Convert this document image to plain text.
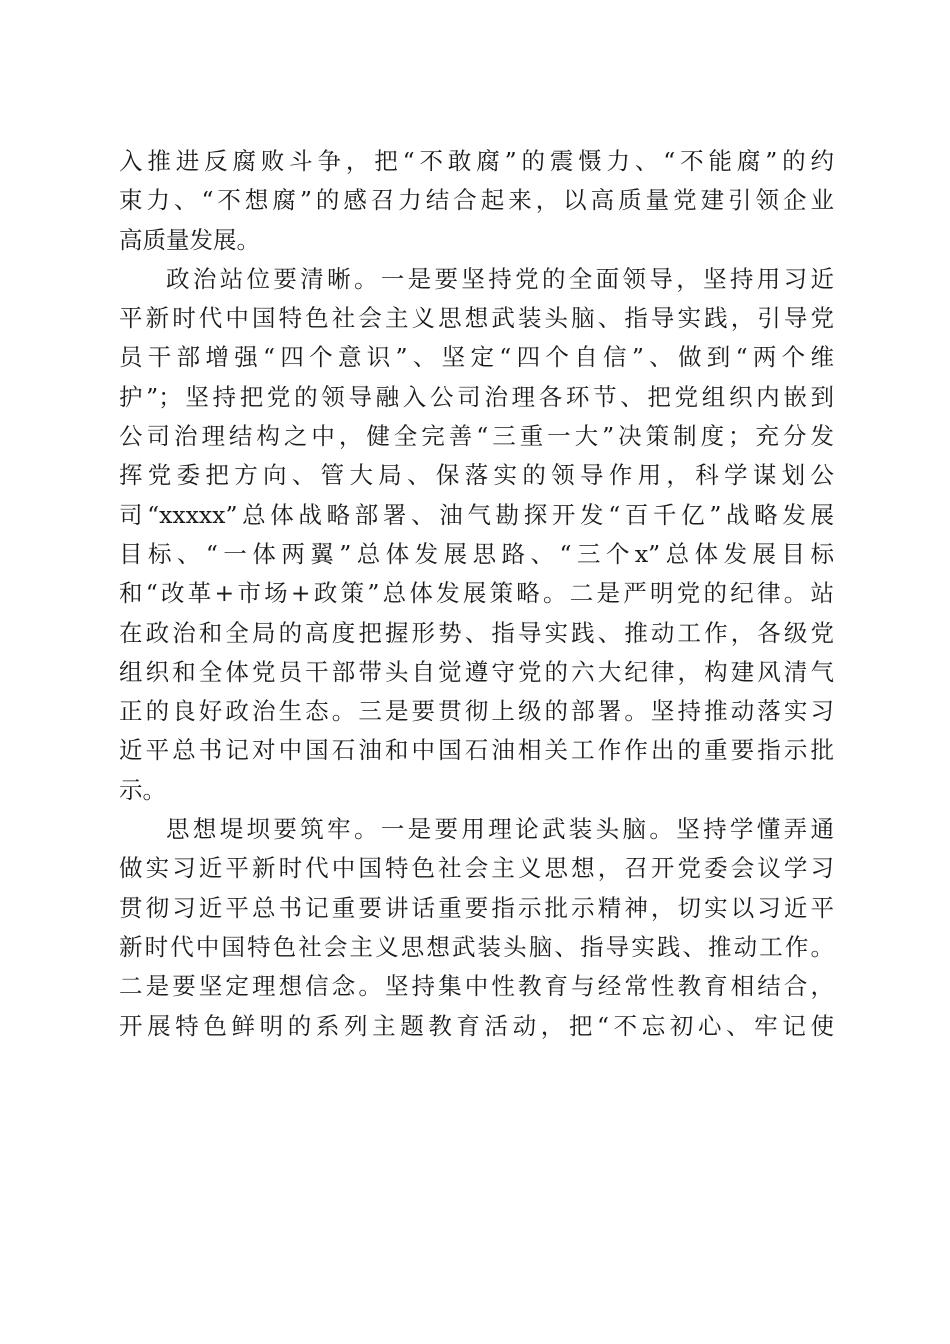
入推进反腐败斗争，把“不敢腐”的震慑力、“不能腐”的约
束力、“不想腐”的感召力结合起来，以高质量党建引领企业
高质量发展。
政治站位要清晰。一是要坚持党的全面领导，坚持用习近
平新时代中国特色社会主义思想武装头脑、指导实践，引导党
员干部增强“四个意识”、坚定“四个自信”、做到“两个维
护”；坚持把党的领导融入公司治理各环节、把党组织内嵌到
公司治理结构之中，健全完善“三重一大”决策制度；充分发
挥党委把方向、管大局、保落实的领导作用，科学谋划公
司“xxxxx”总体战略部署、油气勘探开发“百千亿”战略发展
目标、“一体两翼”总体发展思路、“三个x”总体发展目标
和“改革+市场+政策”总体发展策略。二是严明党的纪律。站
在政治和全局的高度把握形势、指导实践、推动工作，各级党
组织和全体党员干部带头自觉遵守党的六大纪律，构建风清气
正的良好政治生态。三是要贯彻上级的部署。坚持推动落实习
近平总书记对中国石油和中国石油相关工作作出的重要指示批
示。
思想堤坝要筑牢。一是要用理论武装头脑。坚持学懂弄通
做实习近平新时代中国特色社会主义思想，召开党委会议学习
贯彻习近平总书记重要讲话重要指示批示精神，切实以习近平
新时代中国特色社会主义思想武装头脑、指导实践、推动工作。
二是要坚定理想信念。坚持集中性教育与经常性教育相结合，
开展特色鲜明的系列主题教育活动，把“不忘初心、牢记使
